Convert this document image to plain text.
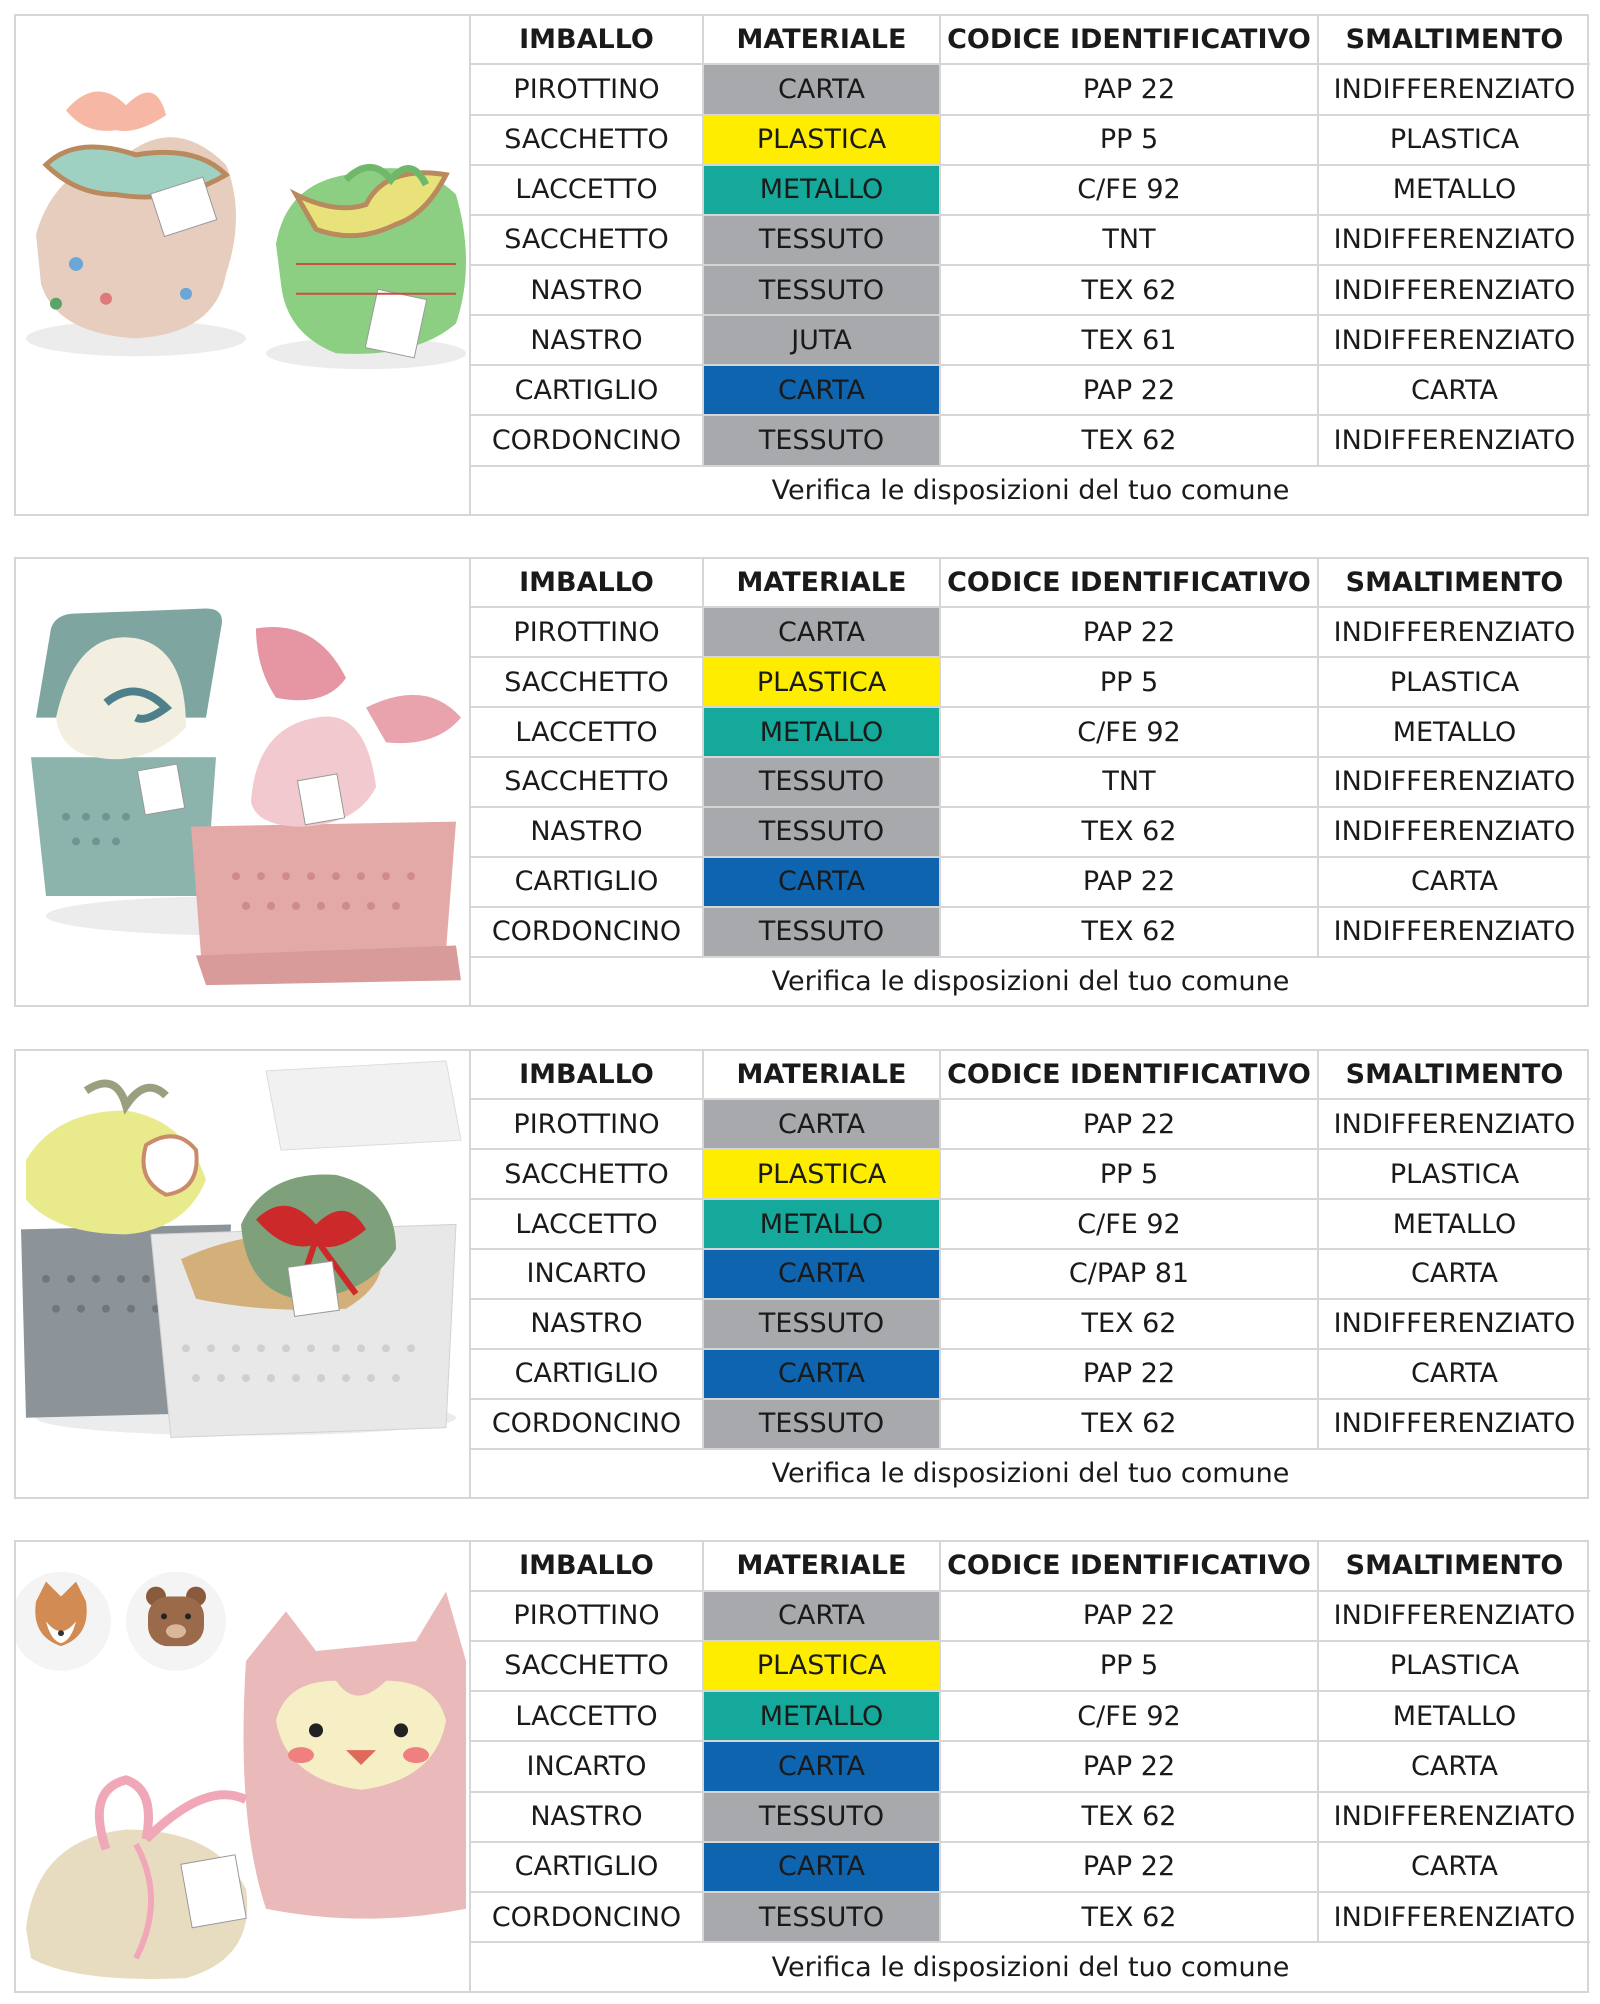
IMBALLO	MATERIALE	CODICE IDENTIFICATIVO	SMALTIMENTO
PIROTTINO	CARTA	PAP 22	INDIFFERENZIATO
SACCHETTO	PLASTICA	PP 5	PLASTICA
LACCETTO	METALLO	C/FE 92	METALLO
SACCHETTO	TESSUTO	TNT	INDIFFERENZIATO
NASTRO	TESSUTO	TEX 62	INDIFFERENZIATO
NASTRO	JUTA	TEX 61	INDIFFERENZIATO
CARTIGLIO	CARTA	PAP 22	CARTA
CORDONCINO	TESSUTO	TEX 62	INDIFFERENZIATO
Verifica le disposizioni del tuo comune			
IMBALLO	MATERIALE	CODICE IDENTIFICATIVO	SMALTIMENTO
PIROTTINO	CARTA	PAP 22	INDIFFERENZIATO
SACCHETTO	PLASTICA	PP 5	PLASTICA
LACCETTO	METALLO	C/FE 92	METALLO
SACCHETTO	TESSUTO	TNT	INDIFFERENZIATO
NASTRO	TESSUTO	TEX 62	INDIFFERENZIATO
CARTIGLIO	CARTA	PAP 22	CARTA
CORDONCINO	TESSUTO	TEX 62	INDIFFERENZIATO
Verifica le disposizioni del tuo comune			
IMBALLO	MATERIALE	CODICE IDENTIFICATIVO	SMALTIMENTO
PIROTTINO	CARTA	PAP 22	INDIFFERENZIATO
SACCHETTO	PLASTICA	PP 5	PLASTICA
LACCETTO	METALLO	C/FE 92	METALLO
INCARTO	CARTA	C/PAP 81	CARTA
NASTRO	TESSUTO	TEX 62	INDIFFERENZIATO
CARTIGLIO	CARTA	PAP 22	CARTA
CORDONCINO	TESSUTO	TEX 62	INDIFFERENZIATO
Verifica le disposizioni del tuo comune			
IMBALLO	MATERIALE	CODICE IDENTIFICATIVO	SMALTIMENTO
PIROTTINO	CARTA	PAP 22	INDIFFERENZIATO
SACCHETTO	PLASTICA	PP 5	PLASTICA
LACCETTO	METALLO	C/FE 92	METALLO
INCARTO	CARTA	PAP 22	CARTA
NASTRO	TESSUTO	TEX 62	INDIFFERENZIATO
CARTIGLIO	CARTA	PAP 22	CARTA
CORDONCINO	TESSUTO	TEX 62	INDIFFERENZIATO
Verifica le disposizioni del tuo comune			
